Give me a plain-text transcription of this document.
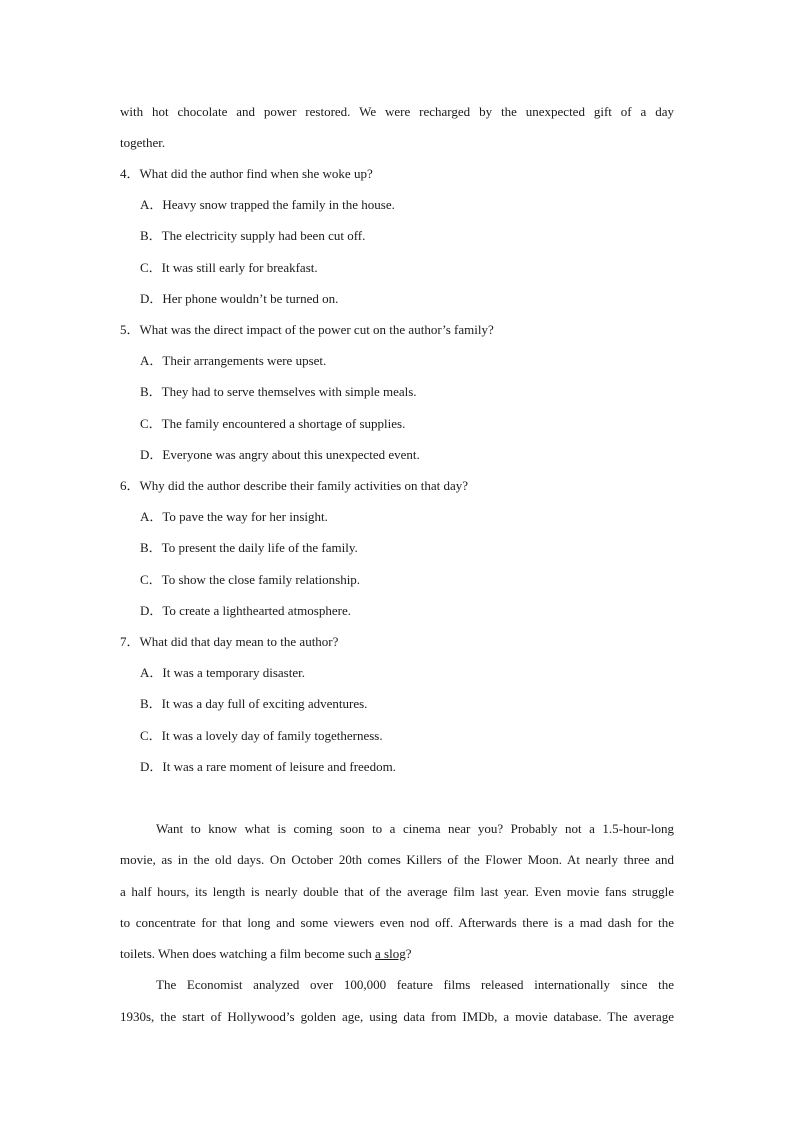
with hot chocolate and power restored. We were recharged by the unexpected gift of a day
together.
4．What did the author find when she woke up?
A．Heavy snow trapped the family in the house.
B．The electricity supply had been cut off.
C．It was still early for breakfast.
D．Her phone wouldn’t be turned on.
5．What was the direct impact of the power cut on the author’s family?
A．Their arrangements were upset.
B．They had to serve themselves with simple meals.
C．The family encountered a shortage of supplies.
D．Everyone was angry about this unexpected event.
6．Why did the author describe their family activities on that day?
A．To pave the way for her insight.
B．To present the daily life of the family.
C．To show the close family relationship.
D．To create a lighthearted atmosphere.
7．What did that day mean to the author?
A．It was a temporary disaster.
B．It was a day full of exciting adventures.
C．It was a lovely day of family togetherness.
D．It was a rare moment of leisure and freedom.
Want to know what is coming soon to a cinema near you? Probably not a 1.5-hour-long
movie, as in the old days. On October 20th comes Killers of the Flower Moon. At nearly three and
a half hours, its length is nearly double that of the average film last year. Even movie fans struggle
to concentrate for that long and some viewers even nod off. Afterwards there is a mad dash for the
toilets. When does watching a film become such a slog?
The Economist analyzed over 100,000 feature films released internationally since the
1930s, the start of Hollywood’s golden age, using data from IMDb, a movie database. The average
